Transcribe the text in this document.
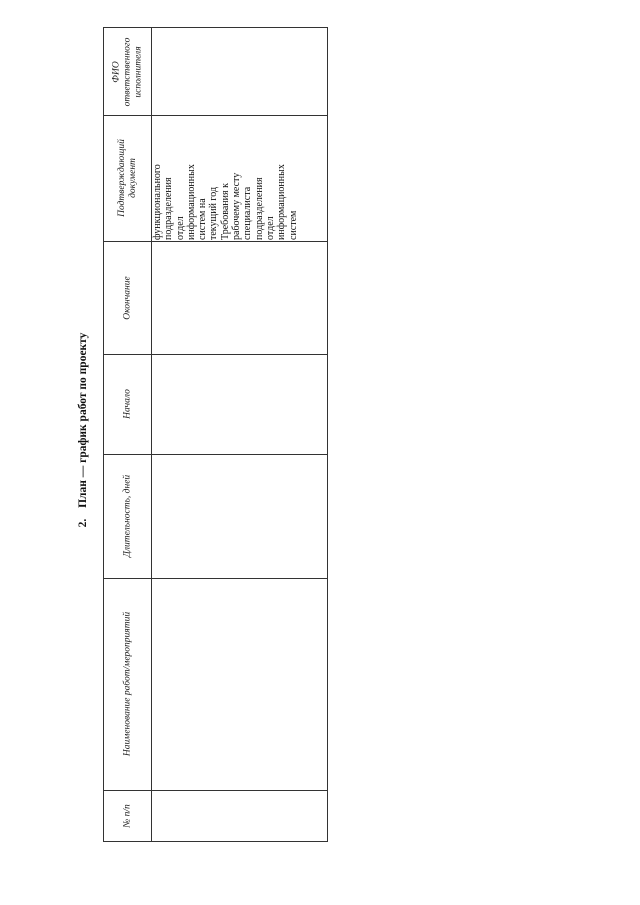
2. План — график работ по проекту
ФИО ответственного исполнителя
Подтверждающий документ
Окончание
Начало
Длительность, дней
Наименование работ/мероприятий
№ п/п
функционального подразделения отдел информационных систем на текущий год Требования к рабочему месту специалиста подразделения отдел информационных систем
